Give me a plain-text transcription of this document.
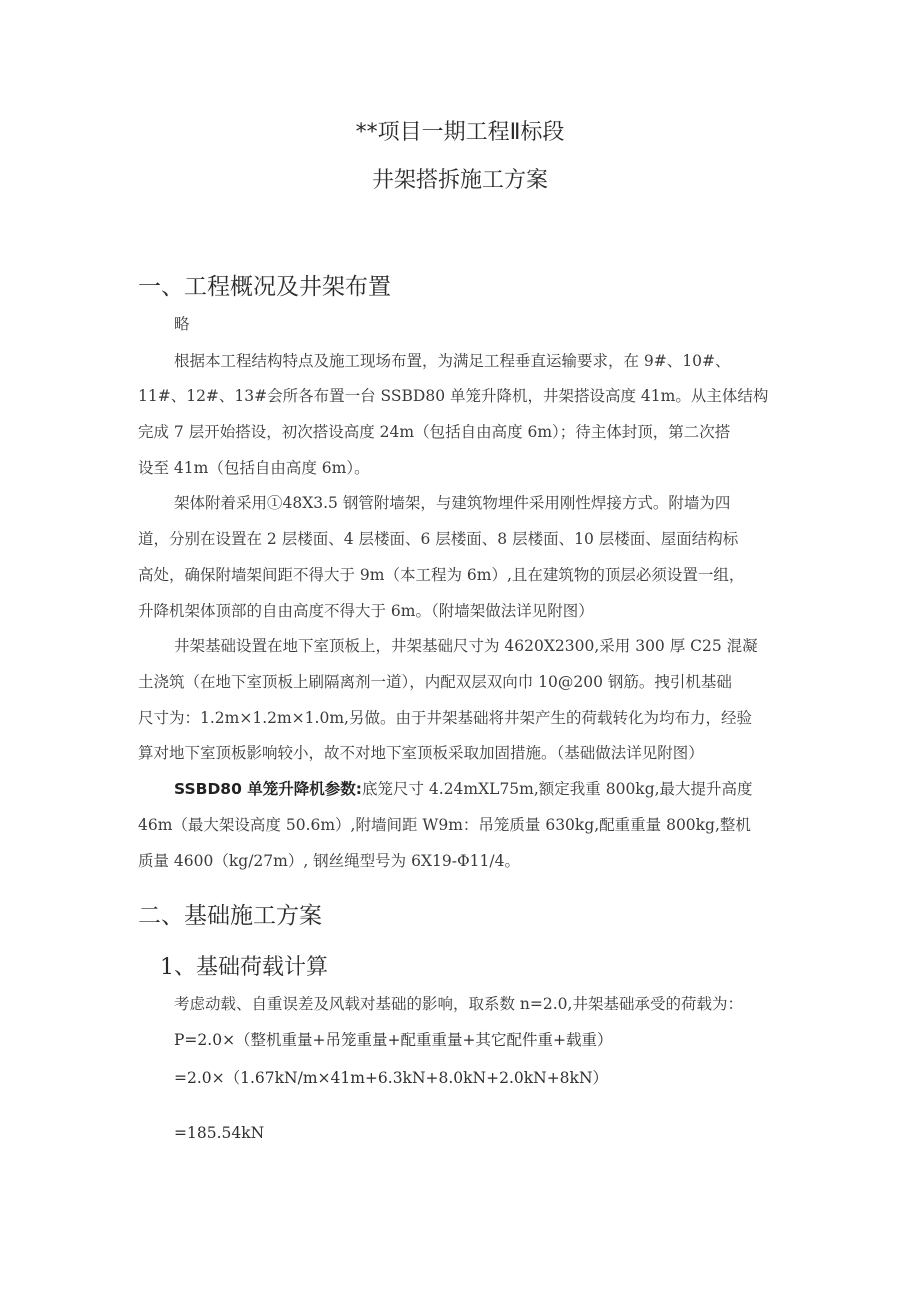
**项目一期工程Ⅱ标段
井架搭拆施工方案
一、工程概况及井架布置
略
根据本工程结构特点及施工现场布置，为满足工程垂直运输要求，在 9#、10#、
11#、12#、13#会所各布置一台 SSBD80 单笼升降机，井架搭设高度 41m。从主体结构
完成 7 层开始搭设，初次搭设高度 24m（包括自由高度 6m）；待主体封顶，第二次搭
设至 41m（包括自由高度 6m）。
架体附着采用①48X3.5 钢管附墙架，与建筑物埋件采用刚性焊接方式。附墙为四
道，分别在设置在 2 层楼面、4 层楼面、6 层楼面、8 层楼面、10 层楼面、屋面结构标
高处，确保附墙架间距不得大于 9m（本工程为 6m）,且在建筑物的顶层必须设置一组，
升降机架体顶部的自由高度不得大于 6m。（附墙架做法详见附图）
井架基础设置在地下室顶板上，井架基础尺寸为 4620X2300,采用 300 厚 C25 混凝
土浇筑（在地下室顶板上刷隔离剂一道），内配双层双向巾 10@200 钢筋。拽引机基础
尺寸为：1.2m×1.2m×1.0m,另做。由于井架基础将井架产生的荷载转化为均布力，经验
算对地下室顶板影响较小，故不对地下室顶板采取加固措施。（基础做法详见附图）
SSBD80 单笼升降机参数:底笼尺寸 4.24mXL75m,额定我重 800kg,最大提升高度
46m（最大架设高度 50.6m）,附墙间距 W9m：吊笼质量 630kg,配重重量 800kg,整机
质量 4600（kg/27m）, 钢丝绳型号为 6X19-Φ11/4。
二、基础施工方案
1、基础荷载计算
考虑动载、自重误差及风载对基础的影响，取系数 n=2.0,井架基础承受的荷载为：
P=2.0×（整机重量+吊笼重量+配重重量+其它配件重+载重）
=2.0×（1.67kN/m×41m+6.3kN+8.0kN+2.0kN+8kN）
=185.54kN
